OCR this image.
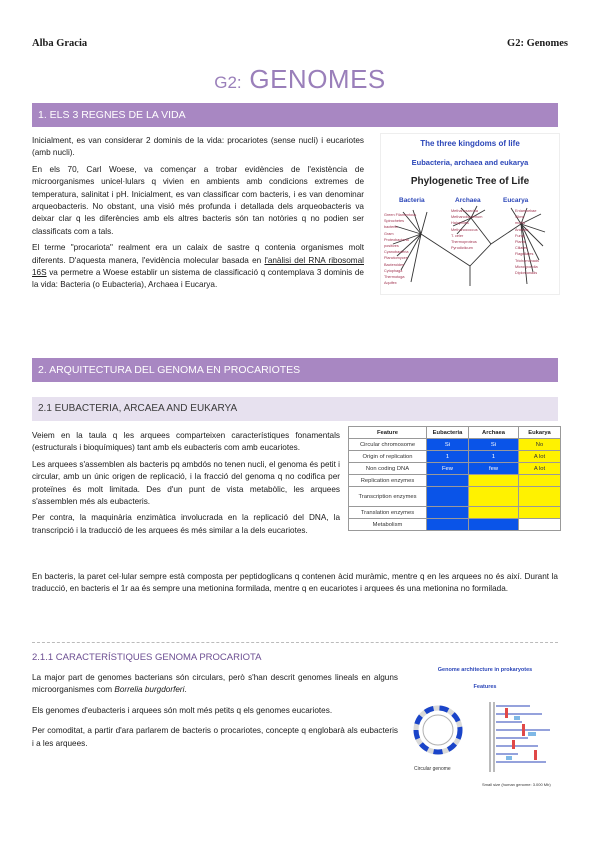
Alba Gracia	G2: Genomes
G2: GENOMES
1. ELS 3 REGNES DE LA VIDA

Inicialment, es van considerar 2 dominis de la vida: procariotes (sense nucli) i eucariotes (amb nucli).

En els 70, Carl Woese, va començar a trobar evidències de l'existència de microorganismes unicel·lulars q vivien en ambients amb condicions extremes de temperatura, salinitat i pH. Inicialment, es van classificar com bacteris, i es van denominar arqueobacteris. No obstant, una visió més profunda i detallada dels arqueobacteris va deixar clar q les diferències amb els altres bacteris són tan notòries q no podien ser classificats com a tals.

El terme "procariota" realment era un calaix de sastre q contenia organismes molt diferents. D'aquesta manera, l'evidència molecular basada en l'anàlisi del RNA ribosomal 16S va permetre a Woese establir un sistema de classificació q contemplava 3 dominis de la vida: Bacteria (o Eubacteria), Archaea i Eucarya.

The three kingdoms of life
Eubacteria, archaea and eukarya
Phylogenetic Tree of Life
Bacteria	Archaea	Eucarya
Green Filamentous
Spirochetes
bacteria
Gram
Proteobacteria
positives
Cyanobacteria
Planctomyces
Bacteroides
Cytophaga
Thermotoga
Aquifex
Methanosarcina
Methanobacterium
Halophiles
Methanococcus
T. celer
Thermoproteus
Pyrodicticum
Entamoebae
Slime
molds
Animals
Fungi
Plants
Ciliates
Flagellates
Trichomonads
Microsporidia
Diplomonads
2. ARQUITECTURA DEL GENOMA EN PROCARIOTES
2.1 EUBACTERIA, ARCAEA AND EUKARYA

Veiem en la taula q les arquees comparteixen característiques fonamentals (estructurals i bioquímiques) tant amb els eubacteris com amb eucariotes.

Les arquees s'assemblen als bacteris pq ambdós no tenen nucli, el genoma és petit i circular, amb un únic origen de replicació, i la fracció del genoma q no codifica per proteïnes és molt limitada. Des d'un punt de vista metabòlic, les arquees s'assemblen més als eubacteris.

Per contra, la maquinària enzimàtica involucrada en la replicació del DNA, la transcripció i la traducció de les arquees és més similar a la dels eucariotes.

Feature	Eubacteria	Archaea	Eukarya
Circular chromosome	Si	Si	No
Origin of replication	1	1	A lot
Non coding DNA	Few	few	A lot
Replication enzymes			
Transcription enzymes			
Translation enzymes			
Metabolism			

En bacteris, la paret cel·lular sempre està composta per peptidoglicans q contenen àcid muràmic, mentre q en les arquees no és així. Durant la traducció, en bacteris el 1r aa és sempre una metionina formilada, mentre q en eucariotes i arquees és una metionina no formilada.

2.1.1 CARACTERÍSTIQUES GENOMA PROCARIOTA

La major part de genomes bacterians són circulars, però s'han descrit genomes lineals en alguns microorganismes com Borrelia burgdorferi.

Els genomes d'eubacteris i arquees són molt més petits q els genomes eucariotes.

Per comoditat, a partir d'ara parlarem de bacteris o procariotes, concepte q englobarà als eubacteris i a les arquees.

Genome architecture in prokaryotes
Features
Circular genome
Small size (human genome: 3.000 Mb)
